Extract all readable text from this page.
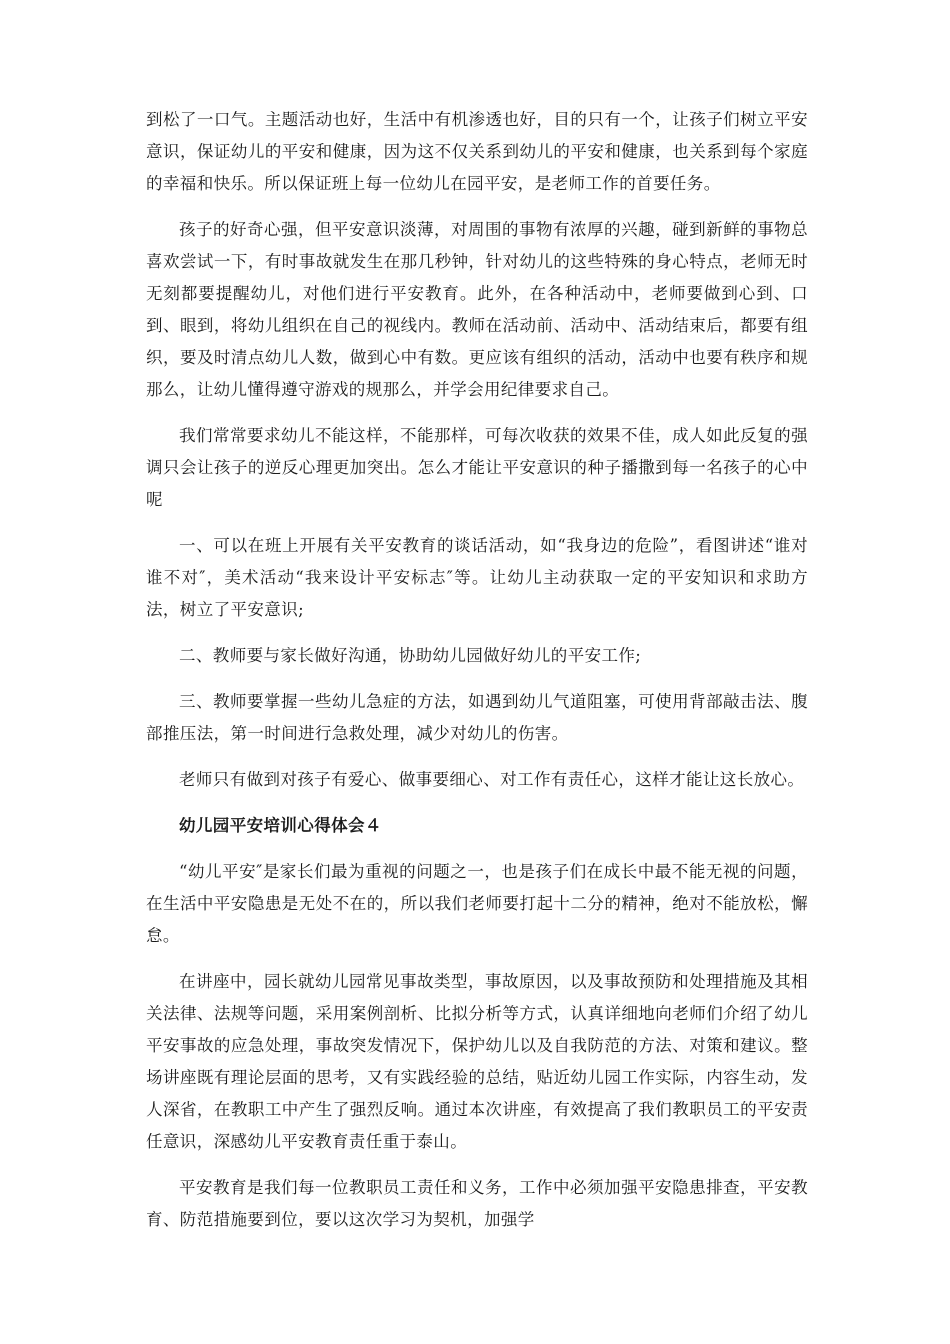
到松了一口气。主题活动也好，生活中有机渗透也好，目的只有一个，让孩子们树立平安意识，保证幼儿的平安和健康，因为这不仅关系到幼儿的平安和健康，也关系到每个家庭的幸福和快乐。所以保证班上每一位幼儿在园平安，是老师工作的首要任务。

孩子的好奇心强，但平安意识淡薄，对周围的事物有浓厚的兴趣，碰到新鲜的事物总喜欢尝试一下，有时事故就发生在那几秒钟，针对幼儿的这些特殊的身心特点，老师无时无刻都要提醒幼儿，对他们进行平安教育。此外，在各种活动中，老师要做到心到、口到、眼到，将幼儿组织在自己的视线内。教师在活动前、活动中、活动结束后，都要有组织，要及时清点幼儿人数，做到心中有数。更应该有组织的活动，活动中也要有秩序和规那么，让幼儿懂得遵守游戏的规那么，并学会用纪律要求自己。

我们常常要求幼儿不能这样，不能那样，可每次收获的效果不佳，成人如此反复的强调只会让孩子的逆反心理更加突出。怎么才能让平安意识的种子播撒到每一名孩子的心中呢

一、可以在班上开展有关平安教育的谈话活动，如“我身边的危险”，看图讲述“谁对谁不对″，美术活动“我来设计平安标志″等。让幼儿主动获取一定的平安知识和求助方法，树立了平安意识;

二、教师要与家长做好沟通，协助幼儿园做好幼儿的平安工作;

三、教师要掌握一些幼儿急症的方法，如遇到幼儿气道阻塞，可使用背部敲击法、腹部推压法，第一时间进行急救处理，减少对幼儿的伤害。

老师只有做到对孩子有爱心、做事要细心、对工作有责任心，这样才能让这长放心。

幼儿园平安培训心得体会４

“幼儿平安″是家长们最为重视的问题之一，也是孩子们在成长中最不能无视的问题，在生活中平安隐患是无处不在的，所以我们老师要打起十二分的精神，绝对不能放松，懈怠。

在讲座中，园长就幼儿园常见事故类型，事故原因，以及事故预防和处理措施及其相关法律、法规等问题，采用案例剖析、比拟分析等方式，认真详细地向老师们介绍了幼儿平安事故的应急处理，事故突发情况下，保护幼儿以及自我防范的方法、对策和建议。整场讲座既有理论层面的思考，又有实践经验的总结，贴近幼儿园工作实际，内容生动，发人深省，在教职工中产生了强烈反响。通过本次讲座，有效提高了我们教职员工的平安责任意识，深感幼儿平安教育责任重于泰山。

平安教育是我们每一位教职员工责任和义务，工作中必须加强平安隐患排查，平安教育、防范措施要到位，要以这次学习为契机，加强学
